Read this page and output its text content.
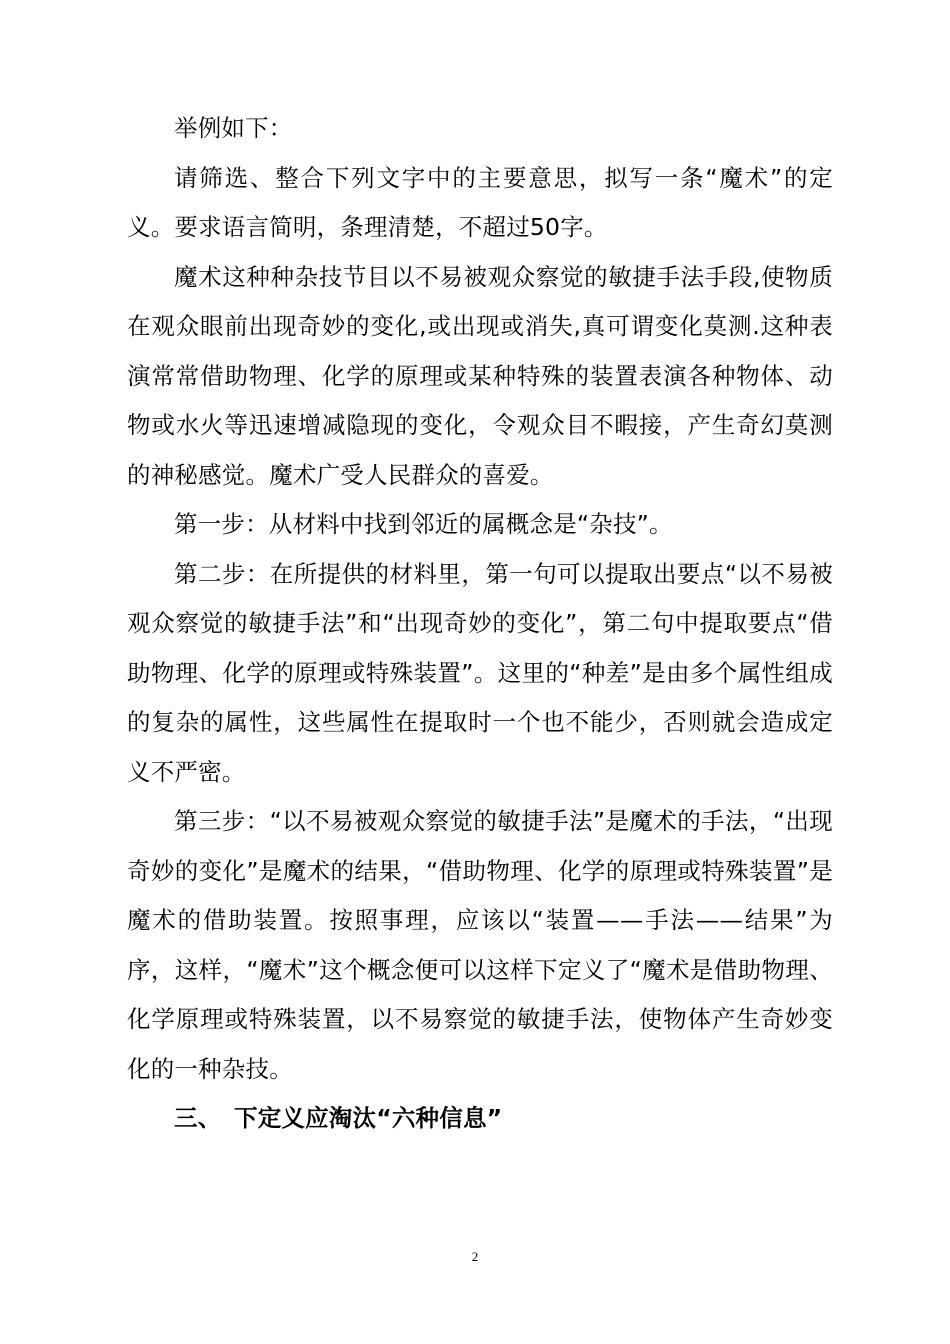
举例如下：

请筛选、整合下列文字中的主要意思，拟写一条“魔术”的定义。要求语言简明，条理清楚，不超过50字。

魔术这种种杂技节目以不易被观众察觉的敏捷手法手段,使物质在观众眼前出现奇妙的变化,或出现或消失,真可谓变化莫测.这种表演常常借助物理、化学的原理或某种特殊的装置表演各种物体、动物或水火等迅速增减隐现的变化，令观众目不暇接，产生奇幻莫测的神秘感觉。魔术广受人民群众的喜爱。

第一步：从材料中找到邻近的属概念是“杂技”。

第二步：在所提供的材料里，第一句可以提取出要点“以不易被观众察觉的敏捷手法”和“出现奇妙的变化”，第二句中提取要点“借助物理、化学的原理或特殊装置”。这里的“种差”是由多个属性组成的复杂的属性，这些属性在提取时一个也不能少，否则就会造成定义不严密。

第三步：“以不易被观众察觉的敏捷手法”是魔术的手法，“出现奇妙的变化”是魔术的结果，“借助物理、化学的原理或特殊装置”是魔术的借助装置。按照事理，应该以“装置——手法——结果”为序，这样，“魔术”这个概念便可以这样下定义了“魔术是借助物理、化学原理或特殊装置，以不易察觉的敏捷手法，使物体产生奇妙变化的一种杂技。

三、 下定义应淘汰“六种信息”

2
